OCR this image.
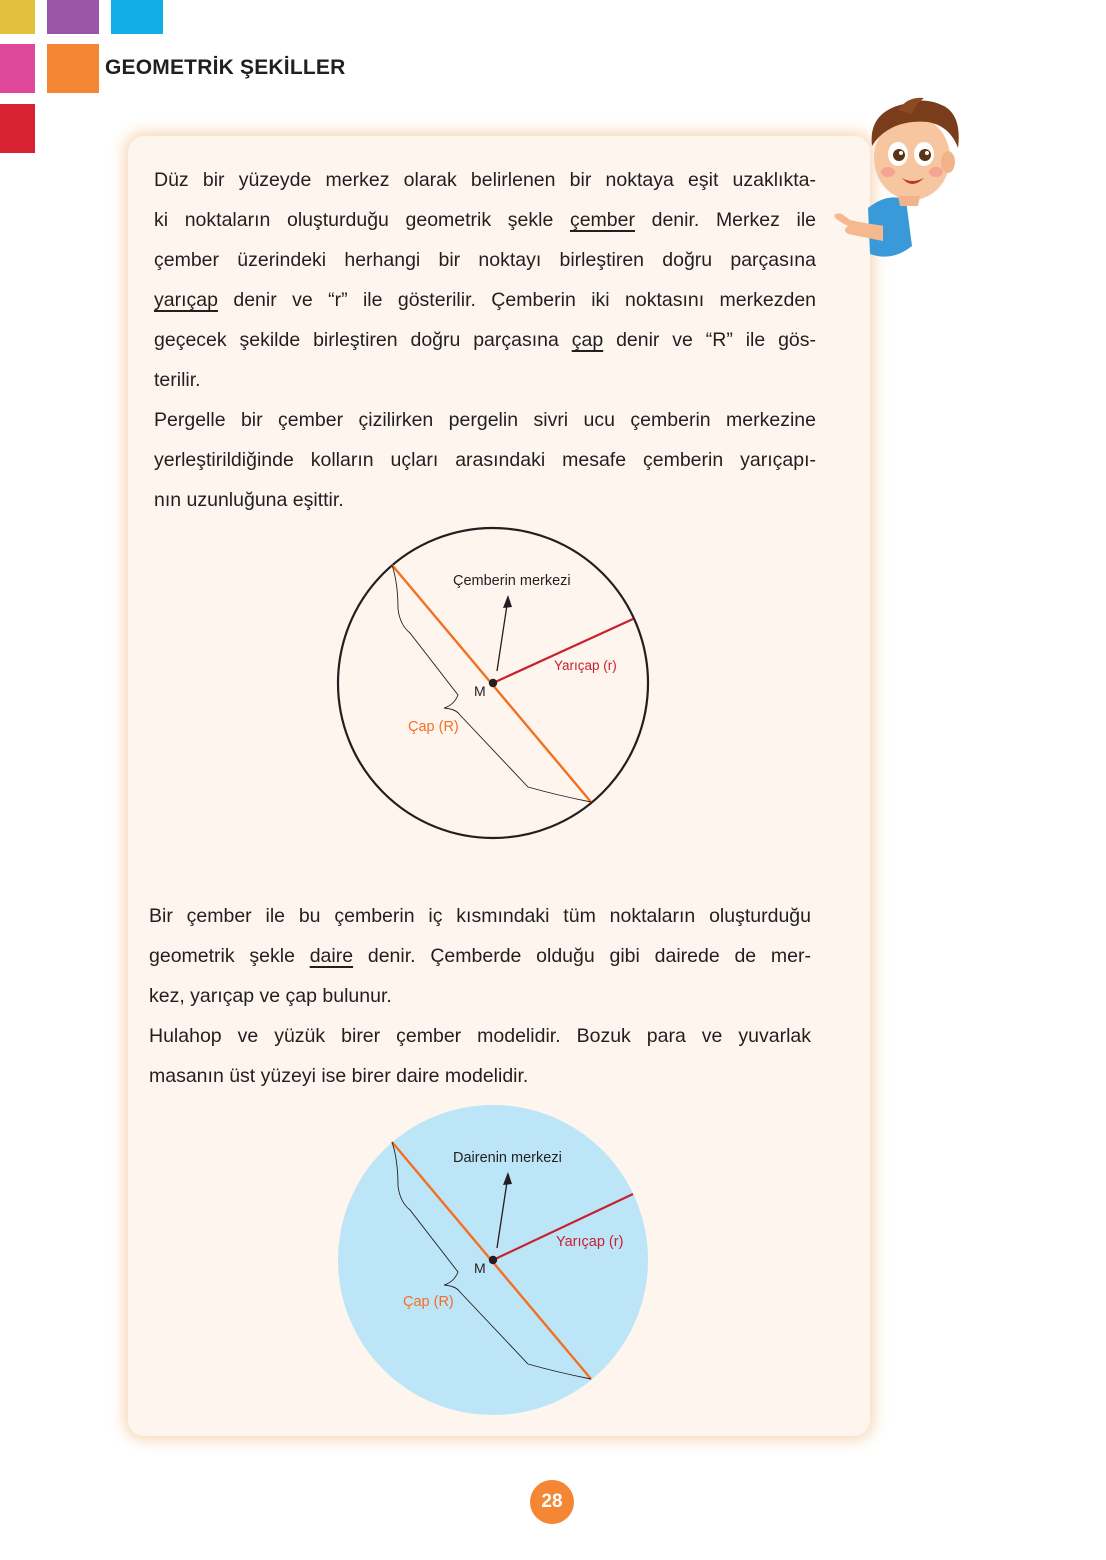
GEOMETRİK ŞEKİLLER
Düz bir yüzeyde merkez olarak belirlenen bir noktaya eşit uzaklıkta-
ki noktaların oluşturduğu geometrik şekle çember denir. Merkez ile
çember üzerindeki herhangi bir noktayı birleştiren doğru parçasına
yarıçap denir ve “r” ile gösterilir. Çemberin iki noktasını merkezden
geçecek şekilde birleştiren doğru parçasına çap denir ve “R” ile gös-
terilir.
Pergelle bir çember çizilirken pergelin sivri ucu çemberin merkezine
yerleştirildiğinde kolların uçları arasındaki mesafe çemberin yarıçapı-
nın uzunluğuna eşittir.
Çemberin merkezi
Yarıçap (r)
M
Çap (R)
Bir çember ile bu çemberin iç kısmındaki tüm noktaların oluşturduğu
geometrik şekle daire denir. Çemberde olduğu gibi dairede de mer-
kez, yarıçap ve çap bulunur.
Hulahop ve yüzük birer çember modelidir. Bozuk para ve yuvarlak
masanın üst yüzeyi ise birer daire modelidir.
Dairenin merkezi
Yarıçap (r)
M
Çap (R)
28
